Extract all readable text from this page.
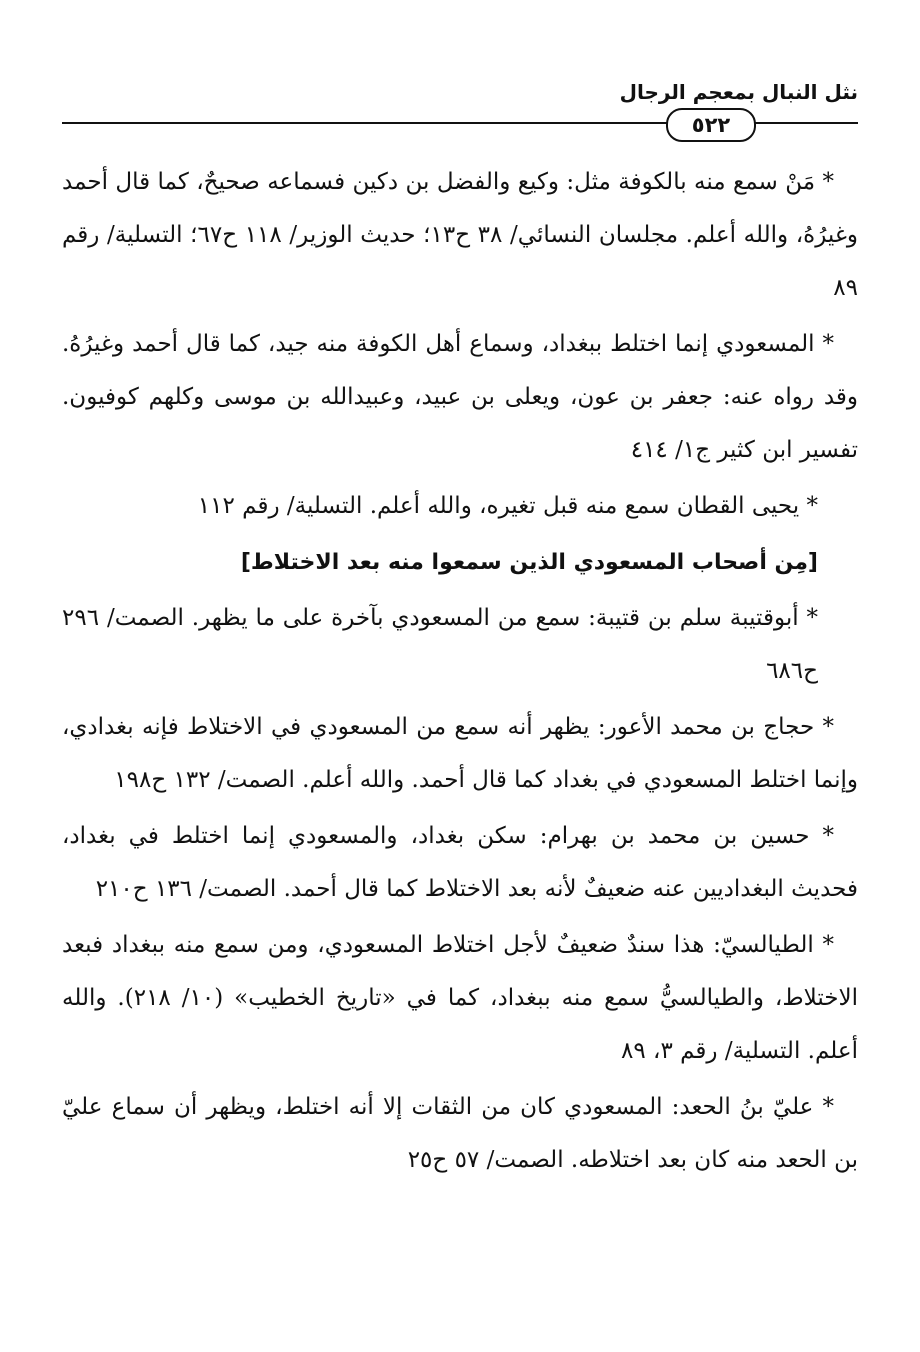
نثل النبال بمعجم الرجال
٥٢٢

* مَنْ سمع منه بالكوفة مثل: وكيع والفضل بن دكين فسماعه صحيحٌ، كما قال أحمد وغيرُهُ، والله أعلم. مجلسان النسائي/ ٣٨ ح١٣؛ حديث الوزير/ ١١٨ ح٦٧؛ التسلية/ رقم ٨٩

* المسعودي إنما اختلط ببغداد، وسماع أهل الكوفة منه جيد، كما قال أحمد وغيرُهُ. وقد رواه عنه: جعفر بن عون، ويعلى بن عبيد، وعبيدالله بن موسى وكلهم كوفيون. تفسير ابن كثير ج١/ ٤١٤

* يحيى القطان سمع منه قبل تغيره، والله أعلم. التسلية/ رقم ١١٢

[مِن أصحاب المسعودي الذين سمعوا منه بعد الاختلاط]

* أبوقتيبة سلم بن قتيبة: سمع من المسعودي بآخرة على ما يظهر. الصمت/ ٢٩٦ ح٦٨٦

* حجاج بن محمد الأعور: يظهر أنه سمع من المسعودي في الاختلاط فإنه بغدادي، وإنما اختلط المسعودي في بغداد كما قال أحمد. والله أعلم. الصمت/ ١٣٢ ح١٩٨

* حسين بن محمد بن بهرام: سكن بغداد، والمسعودي إنما اختلط في بغداد، فحديث البغداديين عنه ضعيفٌ لأنه بعد الاختلاط كما قال أحمد. الصمت/ ١٣٦ ح٢١٠

* الطيالسيّ: هذا سندٌ ضعيفٌ لأجل اختلاط المسعودي، ومن سمع منه ببغداد فبعد الاختلاط، والطيالسيُّ سمع منه ببغداد، كما في «تاريخ الخطيب» (١٠/ ٢١٨). والله أعلم. التسلية/ رقم ٣، ٨٩

* عليّ بنُ الحعد: المسعودي كان من الثقات إلا أنه اختلط، ويظهر أن سماع عليّ بن الحعد منه كان بعد اختلاطه. الصمت/ ٥٧ ح٢٥
